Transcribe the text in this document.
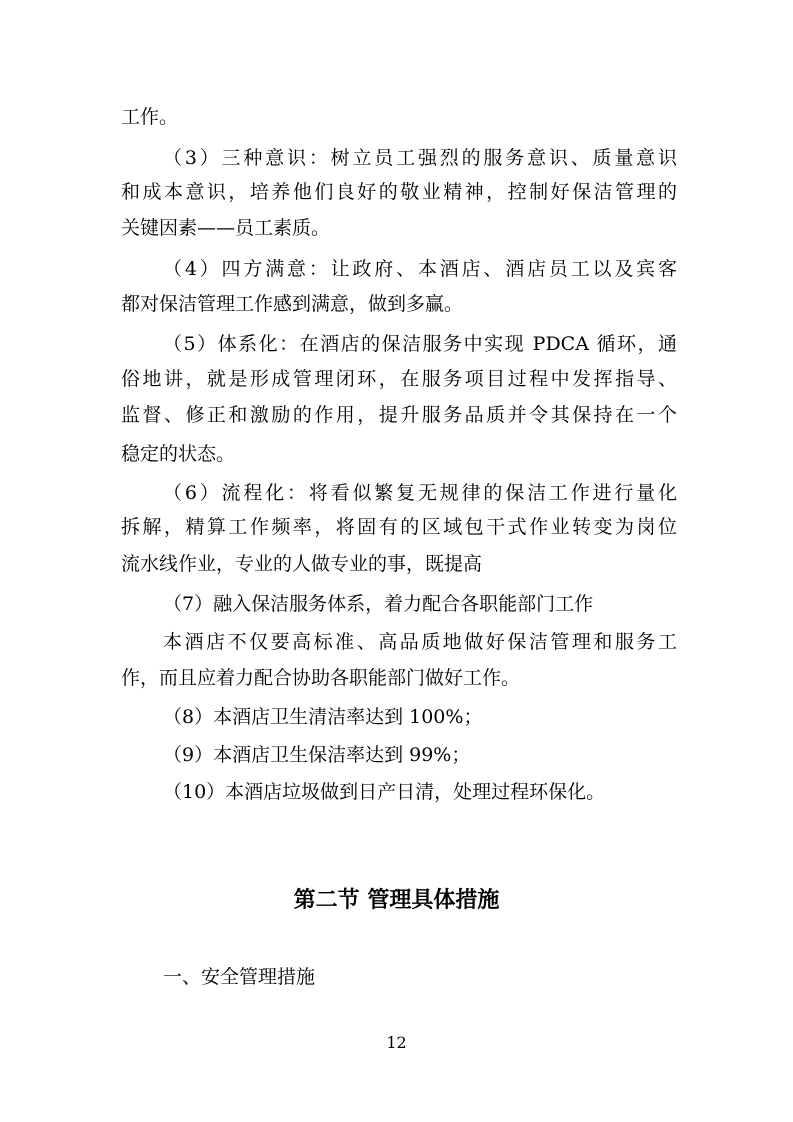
工作。
（3）三种意识：树立员工强烈的服务意识、质量意识
和成本意识，培养他们良好的敬业精神，控制好保洁管理的
关键因素——员工素质。
（4）四方满意：让政府、本酒店、酒店员工以及宾客
都对保洁管理工作感到满意，做到多赢。
（5）体系化：在酒店的保洁服务中实现 PDCA 循环，通
俗地讲，就是形成管理闭环，在服务项目过程中发挥指导、
监督、修正和激励的作用，提升服务品质并令其保持在一个
稳定的状态。
（6）流程化：将看似繁复无规律的保洁工作进行量化
拆解，精算工作频率，将固有的区域包干式作业转变为岗位
流水线作业，专业的人做专业的事，既提高
（7）融入保洁服务体系，着力配合各职能部门工作
本酒店不仅要高标准、高品质地做好保洁管理和服务工
作，而且应着力配合协助各职能部门做好工作。
（8）本酒店卫生清洁率达到 100%；
（9）本酒店卫生保洁率达到 99%；
（10）本酒店垃圾做到日产日清，处理过程环保化。
第二节 管理具体措施
一、安全管理措施
12
